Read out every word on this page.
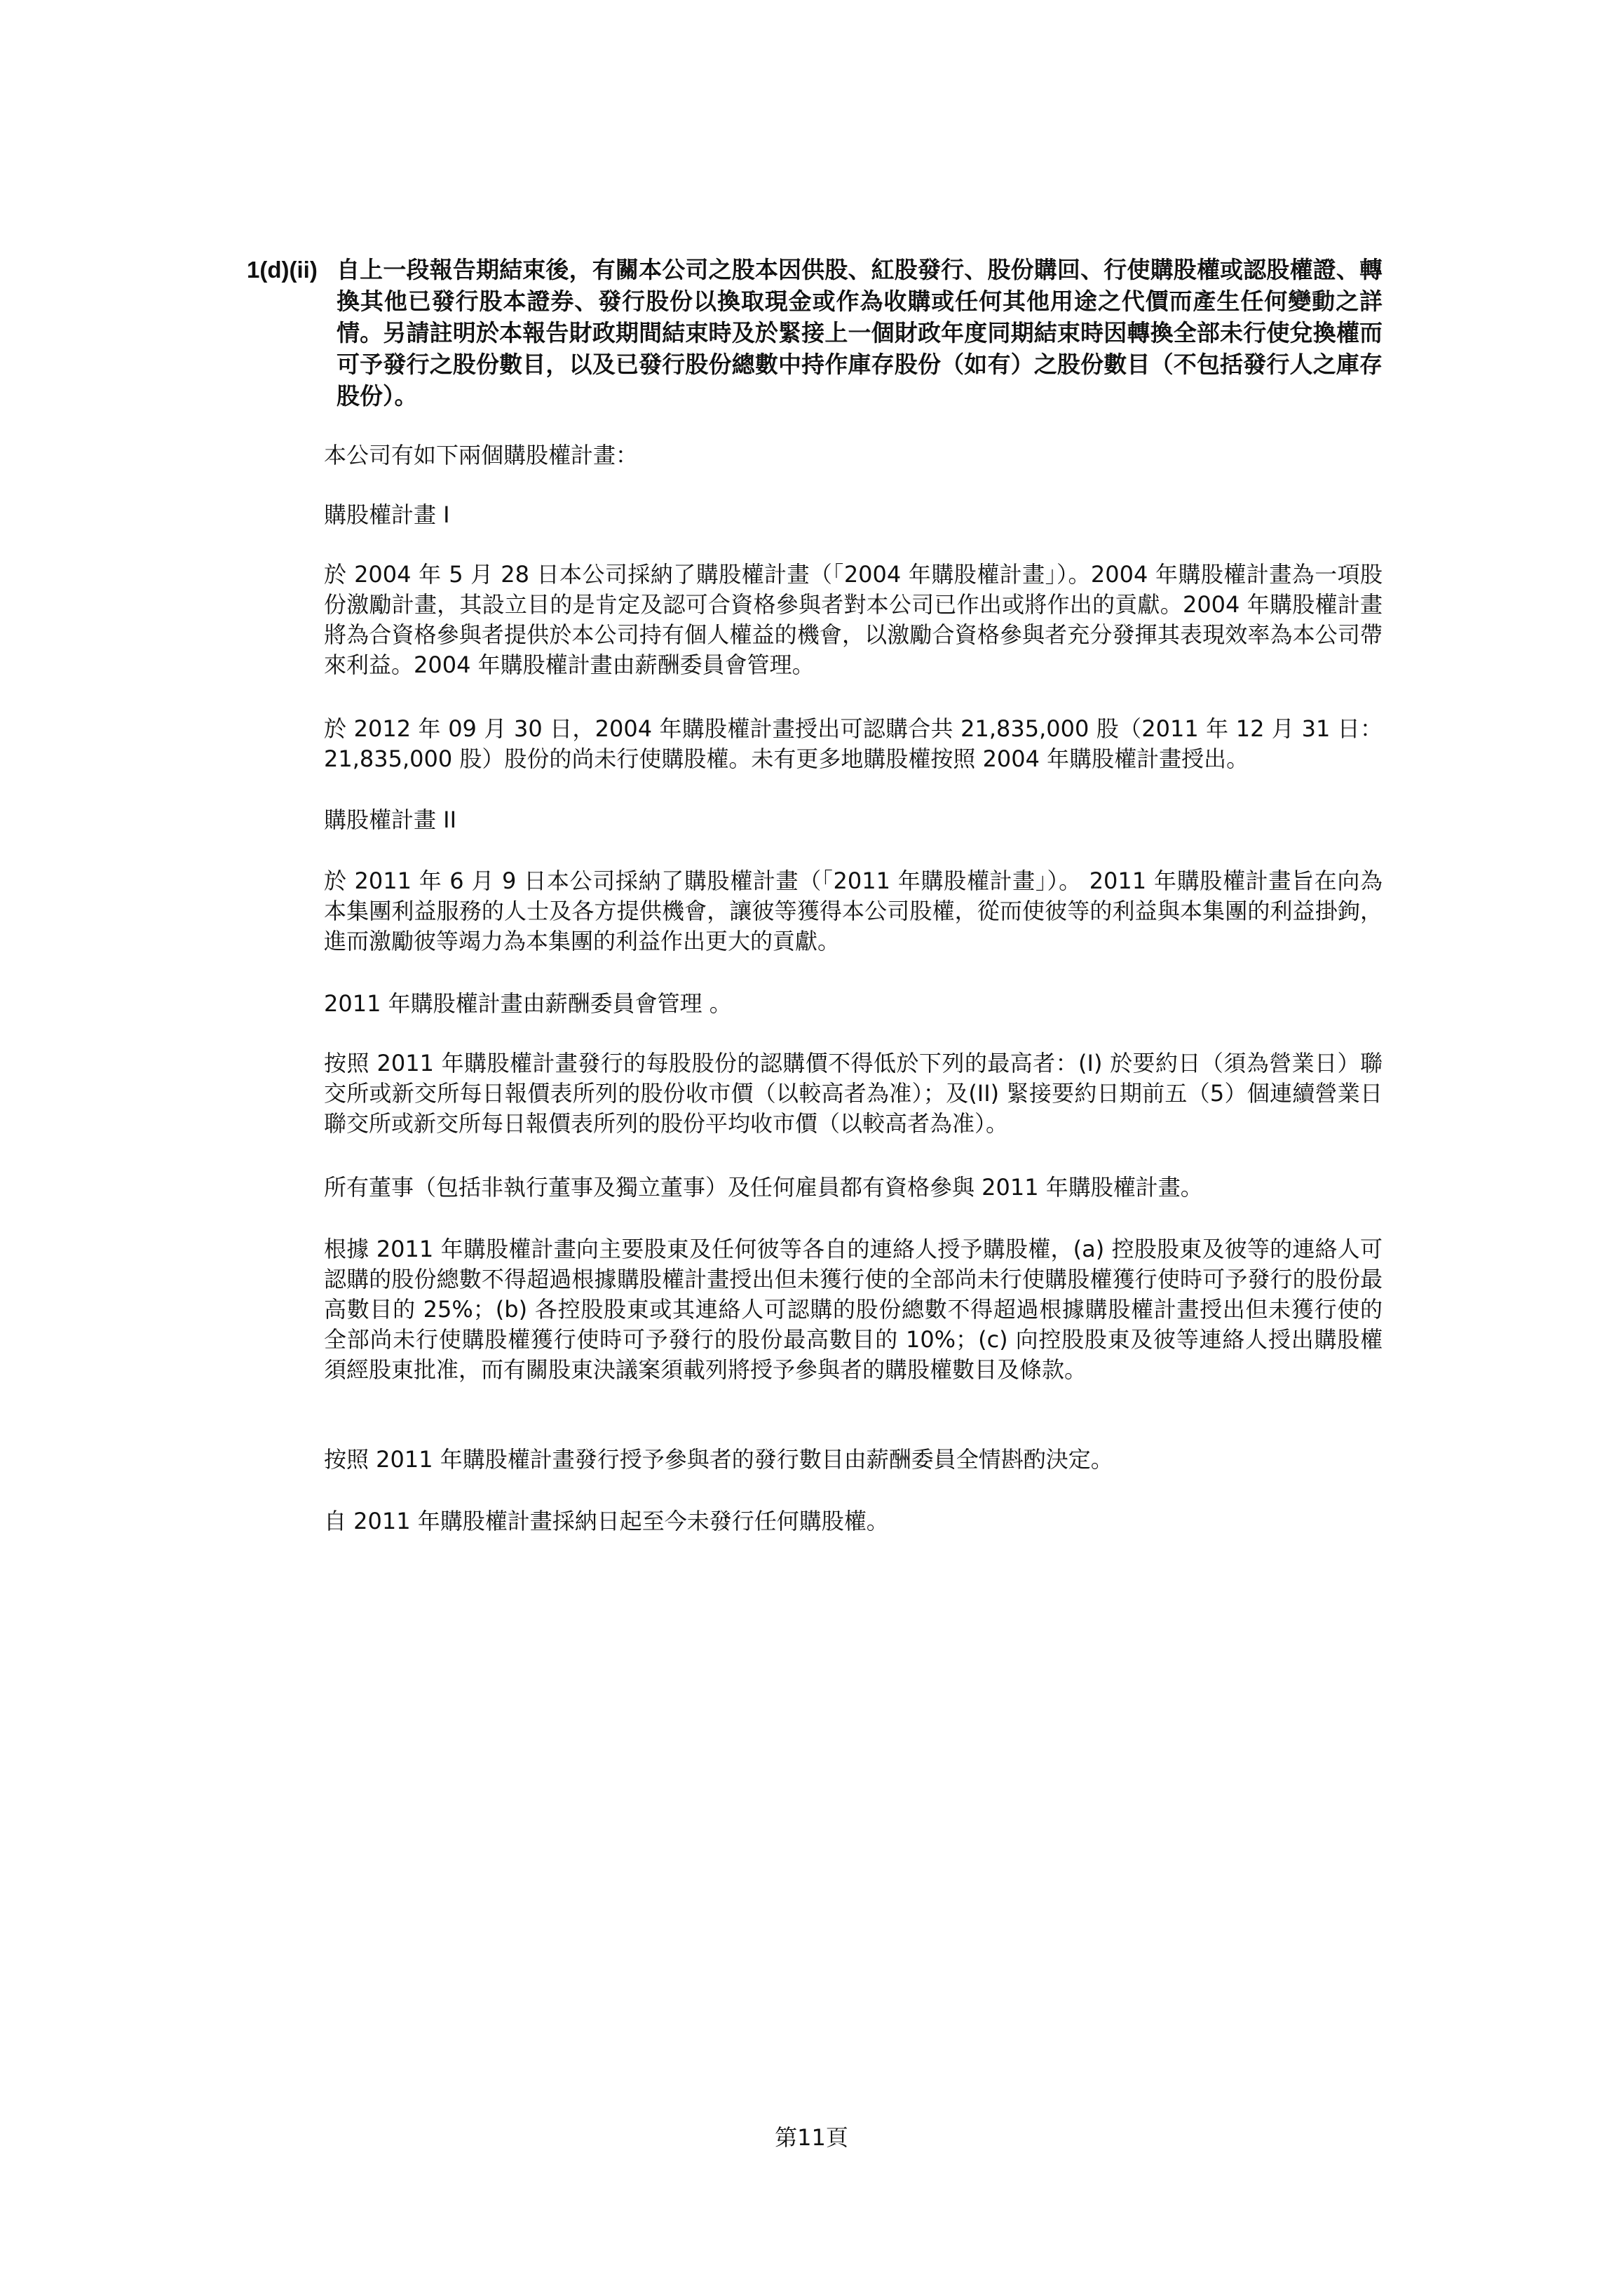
1(d)(ii) 自上一段報告期結束後，有關本公司之股本因供股、紅股發行、股份購回、行使購股權或認股權證、轉換其他已發行股本證券、發行股份以換取現金或作為收購或任何其他用途之代價而產生任何變動之詳情。另請註明於本報告財政期間結束時及於緊接上一個財政年度同期結束時因轉換全部未行使兌換權而可予發行之股份數目，以及已發行股份總數中持作庫存股份（如有）之股份數目（不包括發行人之庫存股份）。

本公司有如下兩個購股權計畫：

購股權計畫 I

於 2004 年 5 月 28 日本公司採納了購股權計畫（「2004 年購股權計畫」）。2004 年購股權計畫為一項股份激勵計畫，其設立目的是肯定及認可合資格參與者對本公司已作出或將作出的貢獻。2004 年購股權計畫將為合資格參與者提供於本公司持有個人權益的機會，以激勵合資格參與者充分發揮其表現效率為本公司帶來利益。2004 年購股權計畫由薪酬委員會管理。

於 2012 年 09 月 30 日，2004 年購股權計畫授出可認購合共 21,835,000 股（2011 年 12 月 31 日：21,835,000 股）股份的尚未行使購股權。未有更多地購股權按照 2004 年購股權計畫授出。

購股權計畫 II

於 2011 年 6 月 9 日本公司採納了購股權計畫（「2011 年購股權計畫」）。 2011 年購股權計畫旨在向為本集團利益服務的人士及各方提供機會，讓彼等獲得本公司股權，從而使彼等的利益與本集團的利益掛鉤，進而激勵彼等竭力為本集團的利益作出更大的貢獻。

2011 年購股權計畫由薪酬委員會管理 。

按照 2011 年購股權計畫發行的每股股份的認購價不得低於下列的最高者：(I) 於要約日（須為營業日）聯交所或新交所每日報價表所列的股份收市價（以較高者為准）；及(II) 緊接要約日期前五（5）個連續營業日聯交所或新交所每日報價表所列的股份平均收市價（以較高者為准）。

所有董事（包括非執行董事及獨立董事）及任何雇員都有資格參與 2011 年購股權計畫。

根據 2011 年購股權計畫向主要股東及任何彼等各自的連絡人授予購股權，(a) 控股股東及彼等的連絡人可認購的股份總數不得超過根據購股權計畫授出但未獲行使的全部尚未行使購股權獲行使時可予發行的股份最高數目的 25%；(b) 各控股股東或其連絡人可認購的股份總數不得超過根據購股權計畫授出但未獲行使的全部尚未行使購股權獲行使時可予發行的股份最高數目的 10%；(c) 向控股股東及彼等連絡人授出購股權須經股東批准，而有關股東決議案須載列將授予參與者的購股權數目及條款。

按照 2011 年購股權計畫發行授予參與者的發行數目由薪酬委員全情斟酌決定。

自 2011 年購股權計畫採納日起至今未發行任何購股權。

第11頁
